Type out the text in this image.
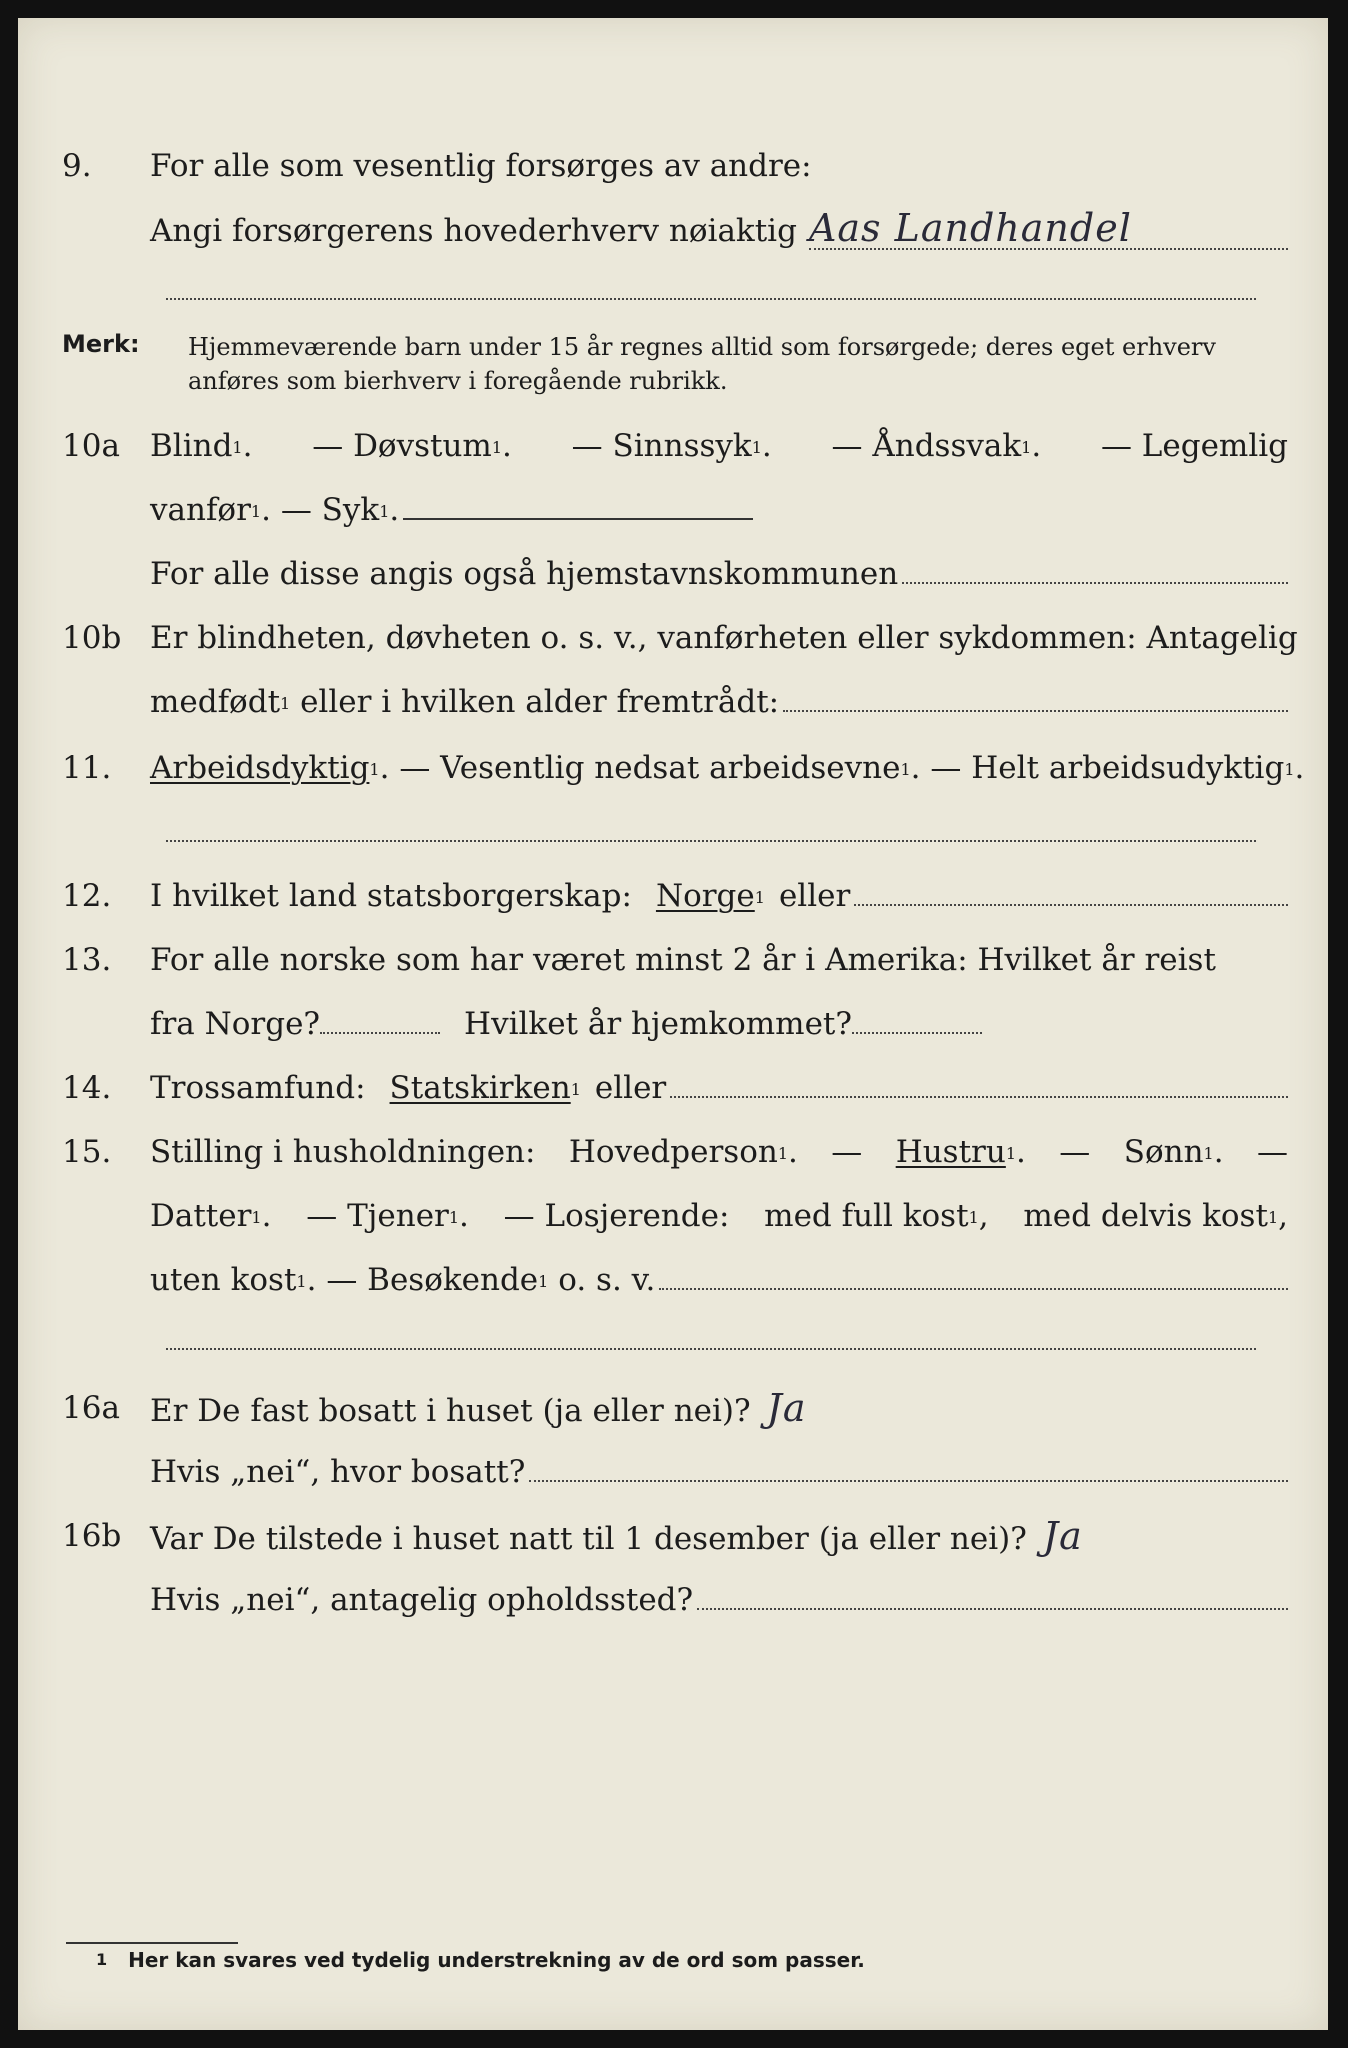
9.	For alle som vesentlig forsørges av andre:
Angi forsørgerens hovederhverv nøiaktig Aas Landhandel
Merk: Hjemmeværende barn under 15 år regnes alltid som forsørgede; deres eget erhverv
anføres som bierhverv i foregående rubrikk.
10a Blind$^1$. — Døvstum$^1$. — Sinnssyk$^1$. — Åndssvak$^1$. — Legemlig
vanfør$^1$. — Syk$^1$.
For alle disse angis også hjemstavnskommunen
10b Er blindheten, døvheten o. s. v., vanførheten eller sykdommen: Antagelig
medfødt$^1$ eller i hvilken alder fremtrådt:
11.	Arbeidsdyktig$^1$. — Vesentlig nedsat arbeidsevne$^1$. — Helt arbeidsudyktig$^1$.
12.	I hvilket land statsborgerskap: Norge$^1$ eller
13.	For alle norske som har været minst 2 år i Amerika: Hvilket år reist
fra Norge?	Hvilket år hjemkommet?
14.	Trossamfund: Statskirken$^1$ eller
15.	Stilling i husholdningen: Hovedperson$^1$. — Hustru$^1$. — Sønn$^1$. —
Datter$^1$. — Tjener$^1$. — Losjerende: med full kost$^1$, med delvis kost$^1$,
uten kost$^1$. — Besøkende$^1$ o. s. v.
16a Er De fast bosatt i huset (ja eller nei)? Ja
Hvis „nei“, hvor bosatt?
16b Var De tilstede i huset natt til 1 desember (ja eller nei)? Ja
Hvis „nei“, antagelig opholdssted?
$^1$ Her kan svares ved tydelig understrekning av de ord som passer.
